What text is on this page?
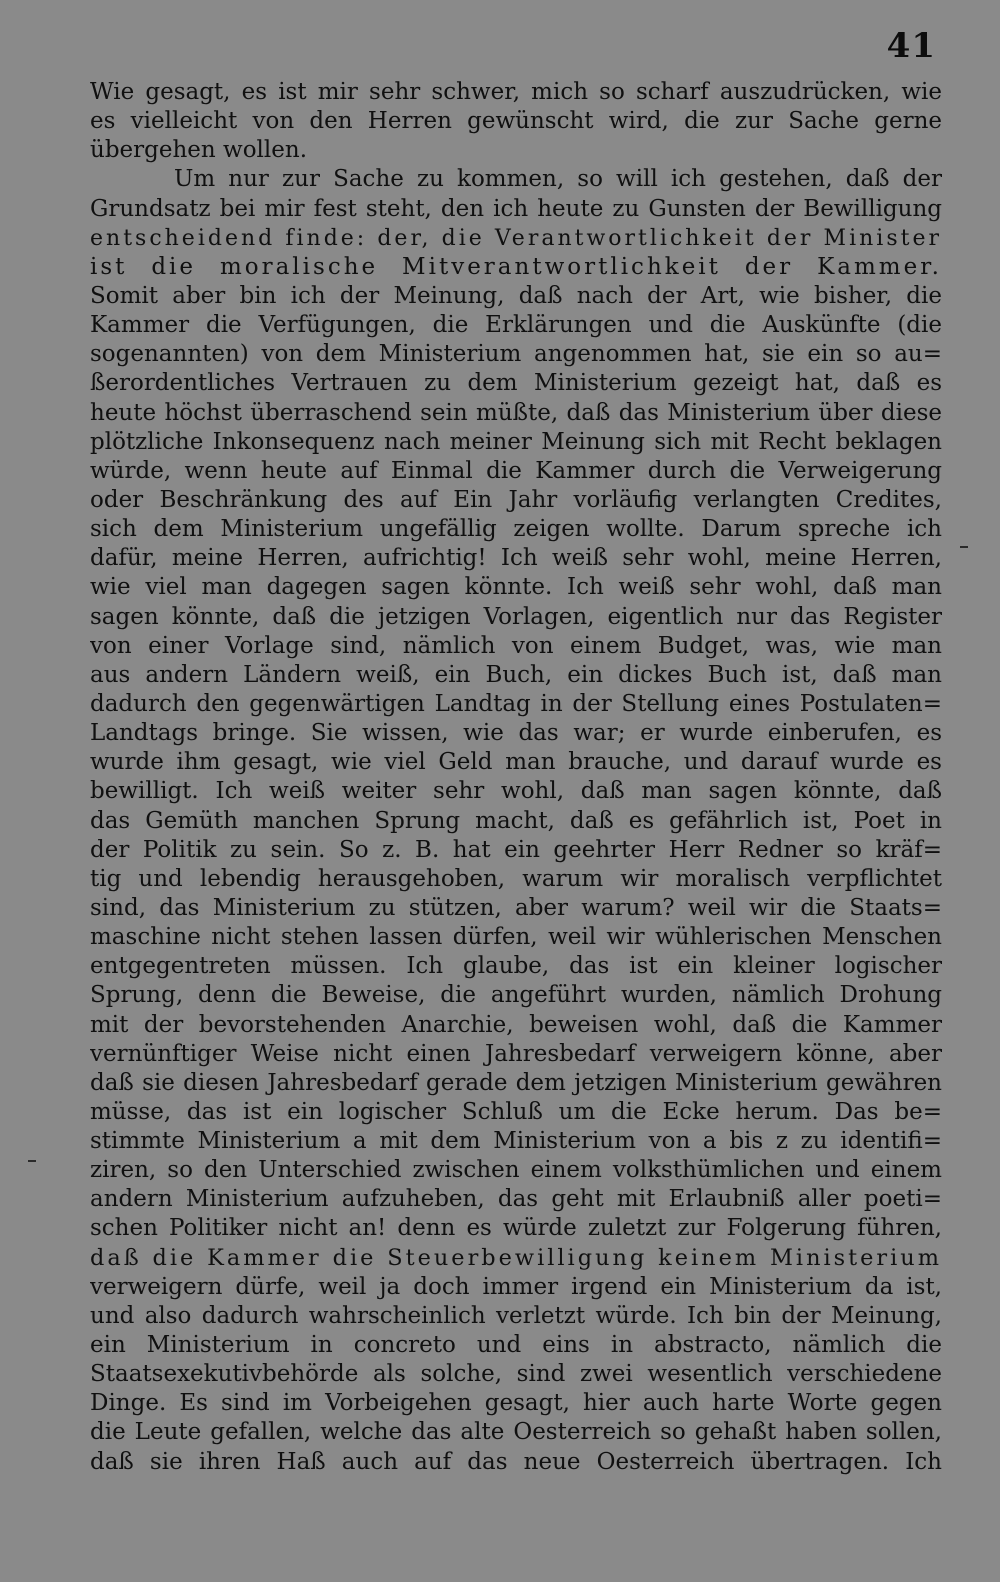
41
Wie gesagt, es ist mir sehr schwer, mich so scharf auszudrücken, wie
es vielleicht von den Herren gewünscht wird, die zur Sache gerne
übergehen wollen.
Um nur zur Sache zu kommen, so will ich gestehen, daß der
Grundsatz bei mir fest steht, den ich heute zu Gunsten der Bewilligung
entscheidend finde: der, die Verantwortlichkeit der Minister
ist die moralische Mitverantwortlichkeit der Kammer.
Somit aber bin ich der Meinung, daß nach der Art, wie bisher, die
Kammer die Verfügungen, die Erklärungen und die Auskünfte (die
sogenannten) von dem Ministerium angenommen hat, sie ein so au=
ßerordentliches Vertrauen zu dem Ministerium gezeigt hat, daß es
heute höchst überraschend sein müßte, daß das Ministerium über diese
plötzliche Inkonsequenz nach meiner Meinung sich mit Recht beklagen
würde, wenn heute auf Einmal die Kammer durch die Verweigerung
oder Beschränkung des auf Ein Jahr vorläufig verlangten Credites,
sich dem Ministerium ungefällig zeigen wollte. Darum spreche ich
dafür, meine Herren, aufrichtig! Ich weiß sehr wohl, meine Herren,
wie viel man dagegen sagen könnte. Ich weiß sehr wohl, daß man
sagen könnte, daß die jetzigen Vorlagen, eigentlich nur das Register
von einer Vorlage sind, nämlich von einem Budget, was, wie man
aus andern Ländern weiß, ein Buch, ein dickes Buch ist, daß man
dadurch den gegenwärtigen Landtag in der Stellung eines Postulaten=
Landtags bringe. Sie wissen, wie das war; er wurde einberufen, es
wurde ihm gesagt, wie viel Geld man brauche, und darauf wurde es
bewilligt. Ich weiß weiter sehr wohl, daß man sagen könnte, daß
das Gemüth manchen Sprung macht, daß es gefährlich ist, Poet in
der Politik zu sein. So z. B. hat ein geehrter Herr Redner so kräf=
tig und lebendig herausgehoben, warum wir moralisch verpflichtet
sind, das Ministerium zu stützen, aber warum? weil wir die Staats=
maschine nicht stehen lassen dürfen, weil wir wühlerischen Menschen
entgegentreten müssen. Ich glaube, das ist ein kleiner logischer
Sprung, denn die Beweise, die angeführt wurden, nämlich Drohung
mit der bevorstehenden Anarchie, beweisen wohl, daß die Kammer
vernünftiger Weise nicht einen Jahresbedarf verweigern könne, aber
daß sie diesen Jahresbedarf gerade dem jetzigen Ministerium gewähren
müsse, das ist ein logischer Schluß um die Ecke herum. Das be=
stimmte Ministerium a mit dem Ministerium von a bis z zu identifi=
ziren, so den Unterschied zwischen einem volksthümlichen und einem
andern Ministerium aufzuheben, das geht mit Erlaubniß aller poeti=
schen Politiker nicht an! denn es würde zuletzt zur Folgerung führen,
daß die Kammer die Steuerbewilligung keinem Ministerium
verweigern dürfe, weil ja doch immer irgend ein Ministerium da ist,
und also dadurch wahrscheinlich verletzt würde. Ich bin der Meinung,
ein Ministerium in concreto und eins in abstracto, nämlich die
Staatsexekutivbehörde als solche, sind zwei wesentlich verschiedene
Dinge. Es sind im Vorbeigehen gesagt, hier auch harte Worte gegen
die Leute gefallen, welche das alte Oesterreich so gehaßt haben sollen,
daß sie ihren Haß auch auf das neue Oesterreich übertragen. Ich
